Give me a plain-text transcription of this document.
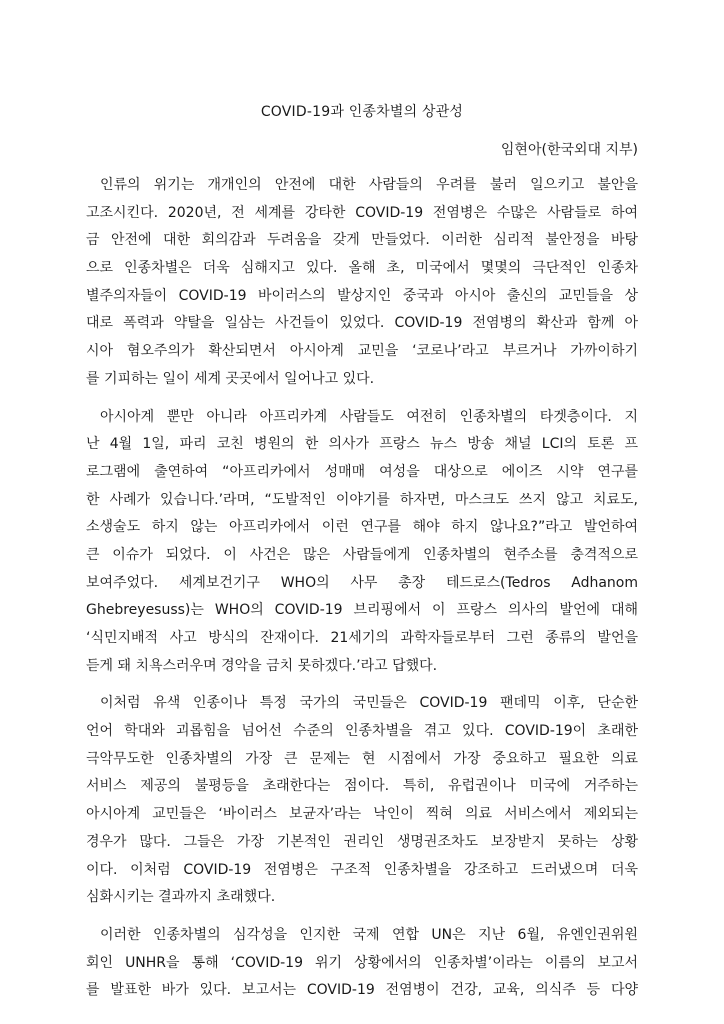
COVID-19과 인종차별의 상관성
임현아(한국외대 지부)
인류의 위기는 개개인의 안전에 대한 사람들의 우려를 불러 일으키고 불안을
고조시킨다. 2020년, 전 세계를 강타한 COVID-19 전염병은 수많은 사람들로 하여
금 안전에 대한 회의감과 두려움을 갖게 만들었다. 이러한 심리적 불안정을 바탕
으로 인종차별은 더욱 심해지고 있다. 올해 초, 미국에서 몇몇의 극단적인 인종차
별주의자들이 COVID-19 바이러스의 발상지인 중국과 아시아 출신의 교민들을 상
대로 폭력과 약탈을 일삼는 사건들이 있었다. COVID-19 전염병의 확산과 함께 아
시아 혐오주의가 확산되면서 아시아계 교민을 ‘코로나’라고 부르거나 가까이하기
를 기피하는 일이 세계 곳곳에서 일어나고 있다.
아시아계 뿐만 아니라 아프리카계 사람들도 여전히 인종차별의 타겟층이다. 지
난 4월 1일, 파리 코친 병원의 한 의사가 프랑스 뉴스 방송 채널 LCI의 토론 프
로그램에 출연하여 “아프리카에서 성매매 여성을 대상으로 에이즈 시약 연구를
한 사례가 있습니다.’라며, “도발적인 이야기를 하자면, 마스크도 쓰지 않고 치료도,
소생술도 하지 않는 아프리카에서 이런 연구를 해야 하지 않나요?”라고 발언하여
큰 이슈가 되었다. 이 사건은 많은 사람들에게 인종차별의 현주소를 충격적으로
보여주었다. 세계보건기구 WHO의 사무 총장 테드로스(Tedros Adhanom
Ghebreyesuss)는 WHO의 COVID-19 브리핑에서 이 프랑스 의사의 발언에 대해
‘식민지배적 사고 방식의 잔재이다. 21세기의 과학자들로부터 그런 종류의 발언을
듣게 돼 치욕스러우며 경악을 금치 못하겠다.’라고 답했다.
이처럼 유색 인종이나 특정 국가의 국민들은 COVID-19 팬데믹 이후, 단순한
언어 학대와 괴롭힘을 넘어선 수준의 인종차별을 겪고 있다. COVID-19이 초래한
극악무도한 인종차별의 가장 큰 문제는 현 시점에서 가장 중요하고 필요한 의료
서비스 제공의 불평등을 초래한다는 점이다. 특히, 유럽권이나 미국에 거주하는
아시아계 교민들은 ‘바이러스 보균자’라는 낙인이 찍혀 의료 서비스에서 제외되는
경우가 많다. 그들은 가장 기본적인 권리인 생명권조차도 보장받지 못하는 상황
이다. 이처럼 COVID-19 전염병은 구조적 인종차별을 강조하고 드러냈으며 더욱
심화시키는 결과까지 초래했다.
이러한 인종차별의 심각성을 인지한 국제 연합 UN은 지난 6월, 유엔인권위원
회인 UNHR을 통해 ‘COVID-19 위기 상황에서의 인종차별’이라는 이름의 보고서
를 발표한 바가 있다. 보고서는 COVID-19 전염병이 건강, 교육, 의식주 등 다양
